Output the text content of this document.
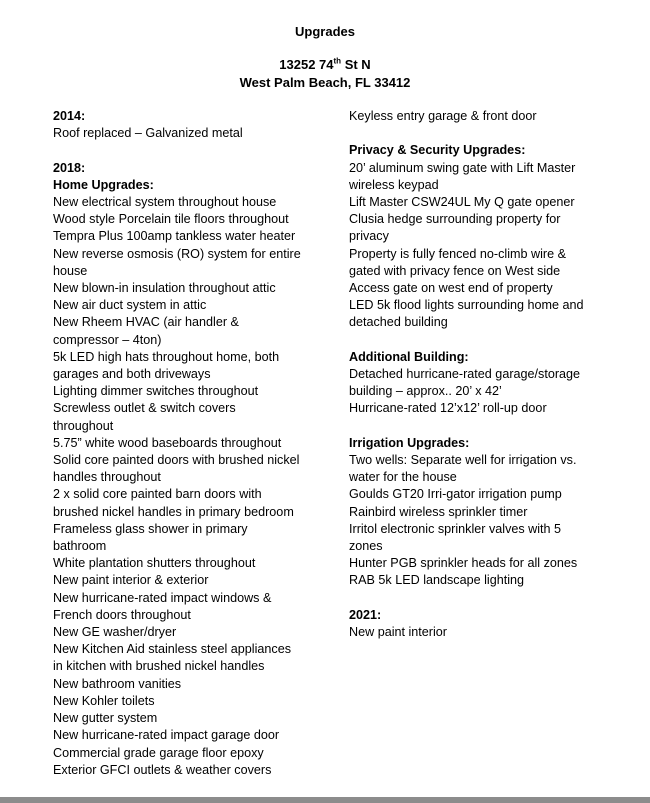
Upgrades
13252 74th St N
West Palm Beach, FL 33412
2014:
Roof replaced – Galvanized metal
2018:
Home Upgrades:
New electrical system throughout house
Wood style Porcelain tile floors throughout
Tempra Plus 100amp tankless water heater
New reverse osmosis (RO) system for entire
house
New blown-in insulation throughout attic
New air duct system in attic
New Rheem HVAC (air handler &
compressor – 4ton)
5k LED high hats throughout home, both
garages and both driveways
Lighting dimmer switches throughout
Screwless outlet & switch covers
throughout
5.75” white wood baseboards throughout
Solid core painted doors with brushed nickel
handles throughout
2 x solid core painted barn doors with
brushed nickel handles in primary bedroom
Frameless glass shower in primary
bathroom
White plantation shutters throughout
New paint interior & exterior
New hurricane-rated impact windows &
French doors throughout
New GE washer/dryer
New Kitchen Aid stainless steel appliances
in kitchen with brushed nickel handles
New bathroom vanities
New Kohler toilets
New gutter system
New hurricane-rated impact garage door
Commercial grade garage floor epoxy
Exterior GFCI outlets & weather covers
Keyless entry garage & front door
Privacy & Security Upgrades:
20’ aluminum swing gate with Lift Master
wireless keypad
Lift Master CSW24UL My Q gate opener
Clusia hedge surrounding property for
privacy
Property is fully fenced no-climb wire &
gated with privacy fence on West side
Access gate on west end of property
LED 5k flood lights surrounding home and
detached building
Additional Building:
Detached hurricane-rated garage/storage
building – approx.. 20’ x 42’
Hurricane-rated 12’x12’ roll-up door
Irrigation Upgrades:
Two wells: Separate well for irrigation vs.
water for the house
Goulds GT20 Irri-gator irrigation pump
Rainbird wireless sprinkler timer
Irritol electronic sprinkler valves with 5
zones
Hunter PGB sprinkler heads for all zones
RAB 5k LED landscape lighting
2021:
New paint interior
